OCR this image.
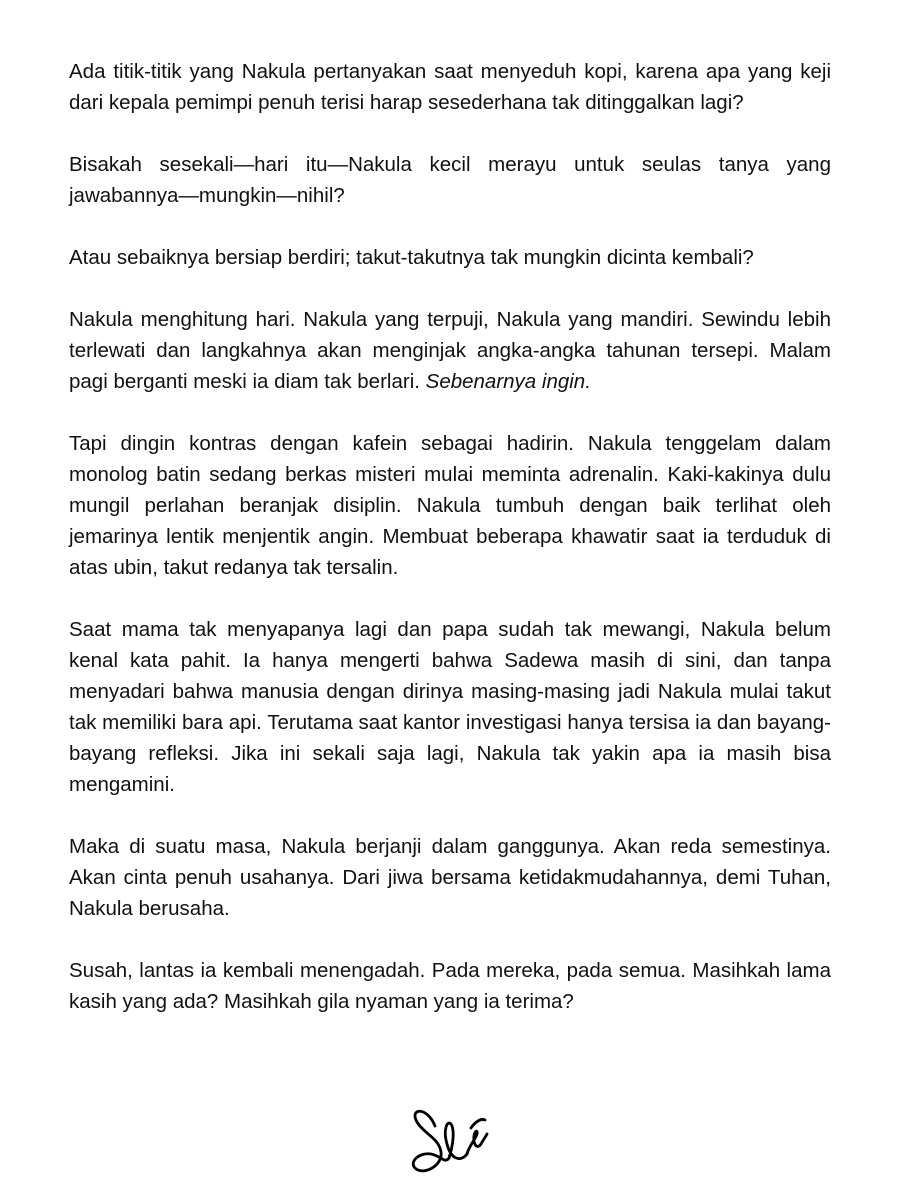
Ada titik-titik yang Nakula pertanyakan saat menyeduh kopi, karena apa yang keji dari kepala pemimpi penuh terisi harap sesederhana tak ditinggalkan lagi?

Bisakah sesekali—hari itu—Nakula kecil merayu untuk seulas tanya yang jawabannya—mungkin—nihil?

Atau sebaiknya bersiap berdiri; takut-takutnya tak mungkin dicinta kembali?

Nakula menghitung hari. Nakula yang terpuji, Nakula yang mandiri. Sewindu lebih terlewati dan langkahnya akan menginjak angka-angka tahunan tersepi. Malam pagi berganti meski ia diam tak berlari. Sebenarnya ingin.

Tapi dingin kontras dengan kafein sebagai hadirin. Nakula tenggelam dalam monolog batin sedang berkas misteri mulai meminta adrenalin. Kaki-kakinya dulu mungil perlahan beranjak disiplin. Nakula tumbuh dengan baik terlihat oleh jemarinya lentik menjentik angin. Membuat beberapa khawatir saat ia terduduk di atas ubin, takut redanya tak tersalin.

Saat mama tak menyapanya lagi dan papa sudah tak mewangi, Nakula belum kenal kata pahit. Ia hanya mengerti bahwa Sadewa masih di sini, dan tanpa menyadari bahwa manusia dengan dirinya masing-masing jadi Nakula mulai takut tak memiliki bara api. Terutama saat kantor investigasi hanya tersisa ia dan bayang-bayang refleksi. Jika ini sekali saja lagi, Nakula tak yakin apa ia masih bisa mengamini.

Maka di suatu masa, Nakula berjanji dalam ganggunya. Akan reda semestinya. Akan cinta penuh usahanya. Dari jiwa bersama ketidakmudahannya, demi Tuhan, Nakula berusaha.

Susah, lantas ia kembali menengadah. Pada mereka, pada semua. Masihkah lama kasih yang ada? Masihkah gila nyaman yang ia terima?
